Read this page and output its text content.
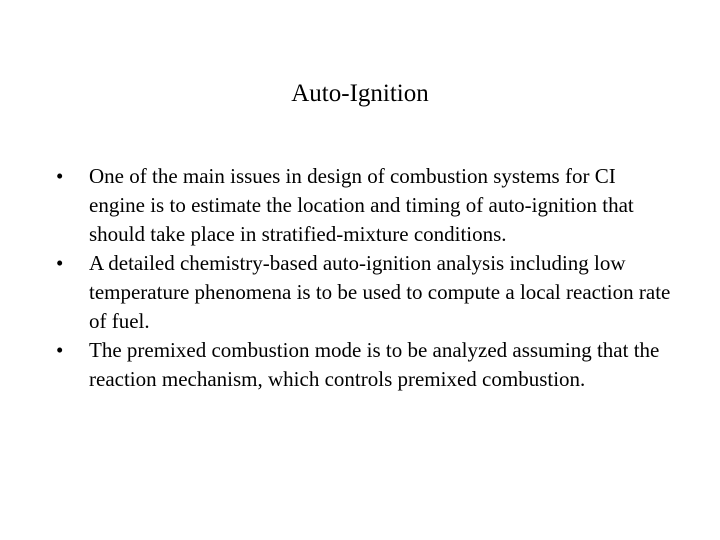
Auto-Ignition
•	One of the main issues in design of combustion systems for CI engine is to estimate the location and timing of auto-ignition that should take place in stratified-mixture conditions.
•	A detailed chemistry-based auto-ignition analysis including low temperature phenomena is to be used to compute a local reaction rate of fuel.
•	The premixed combustion mode is to be analyzed assuming that the reaction mechanism, which controls premixed combustion.
